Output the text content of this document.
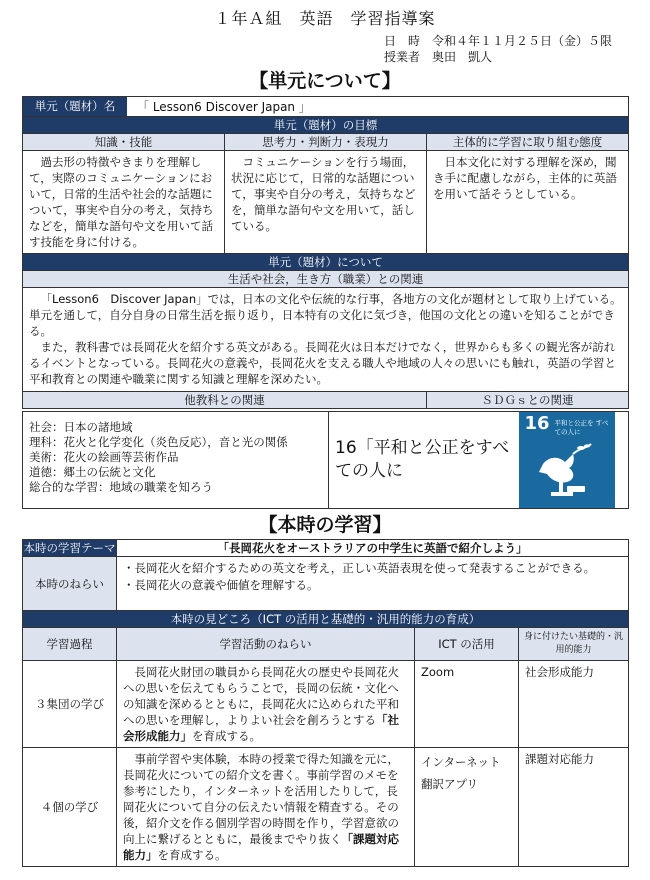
１年Ａ組　英語　学習指導案
日　時　令和４年１１月２５日（金）５限
授業者　奥田　凱人
【単元について】
単元（題材）名 「 Lesson6 Discover Japan 」		

単元（題材）の目標		
知識・技能	思考力・判断力・表現力	主体的に学習に取り組む態度
過去形の特徴やきまりを理解して，実際のコミュニケーションにおいて，日常的生活や社会的な話題について，事実や自分の考え，気持ちなどを，簡単な語句や文を用いて話す技能を身に付ける。	コミュニケーションを行う場面，状況に応じて，日常的な話題について，事実や自分の考え，気持ちなどを，簡単な語句や文を用いて，話している。	日本文化に対する理解を深め，聞き手に配慮しながら，主体的に英語を用いて話そうとしている。
単元（題材）について		
生活や社会，生き方（職業）との関連		

「Lesson6　Discover Japan」では，日本の文化や伝統的な行事，各地方の文化が題材として取り上げている。単元を通して，自分自身の日常生活を振り返り，日本特有の文化に気づき，他国の文化との違いを知ることができる。
また，教科書では長岡花火を紹介する英文がある。長岡花火は日本だけでなく，世界からも多くの観光客が訪れるイベントとなっている。長岡花火の意義や，長岡花火を支える職人や地域の人々の思いにも触れ，英語の学習と平和教育との関連や職業に関する知識と理解を深めたい。		

他教科との関連		ＳＤＧｓとの関連
社会：日本の諸地域
理科：花火と化学変化（炎色反応），音と光の関係
美術：花火の絵画等芸術作品
道徳：郷土の伝統と文化
総合的な学習：地域の職業を知ろう
	16「平和と公正をすべての人に	
16 平和と公正を すべての人に
【本時の学習】
本時の学習テーマ	「長岡花火をオーストラリアの中学生に英語で紹介しよう」		
本時のねらい	・長岡花火を紹介するための英文を考え，正しい英語表現を使って発表することができる。
・長岡花火の意義や価値を理解する。		

本時の見どころ（ICT の活用と基礎的・汎用的能力の育成）			
学習過程	学習活動のねらい	ICT の活用	身に付けたい基礎的・汎用的能力
３集団の学び	長岡花火財団の職員から長岡花火の歴史や長岡花火への思いを伝えてもらうことで，長岡の伝統・文化への知識を深めるとともに，長岡花火に込められた平和への思いを理解し，よりよい社会を創ろうとする「社会形成能力」を育成する。	Zoom	社会形成能力
４個の学び	事前学習や実体験，本時の授業で得た知識を元に，長岡花火についての紹介文を書く。事前学習のメモを参考にしたり，インターネットを活用したりして，長岡花火について自分の伝えたい情報を精査する。その後，紹介文を作る個別学習の時間を作り，学習意欲の向上に繋げるとともに，最後までやり抜く「課題対応能力」を育成する。	インターネット
翻訳アプリ	課題対応能力
